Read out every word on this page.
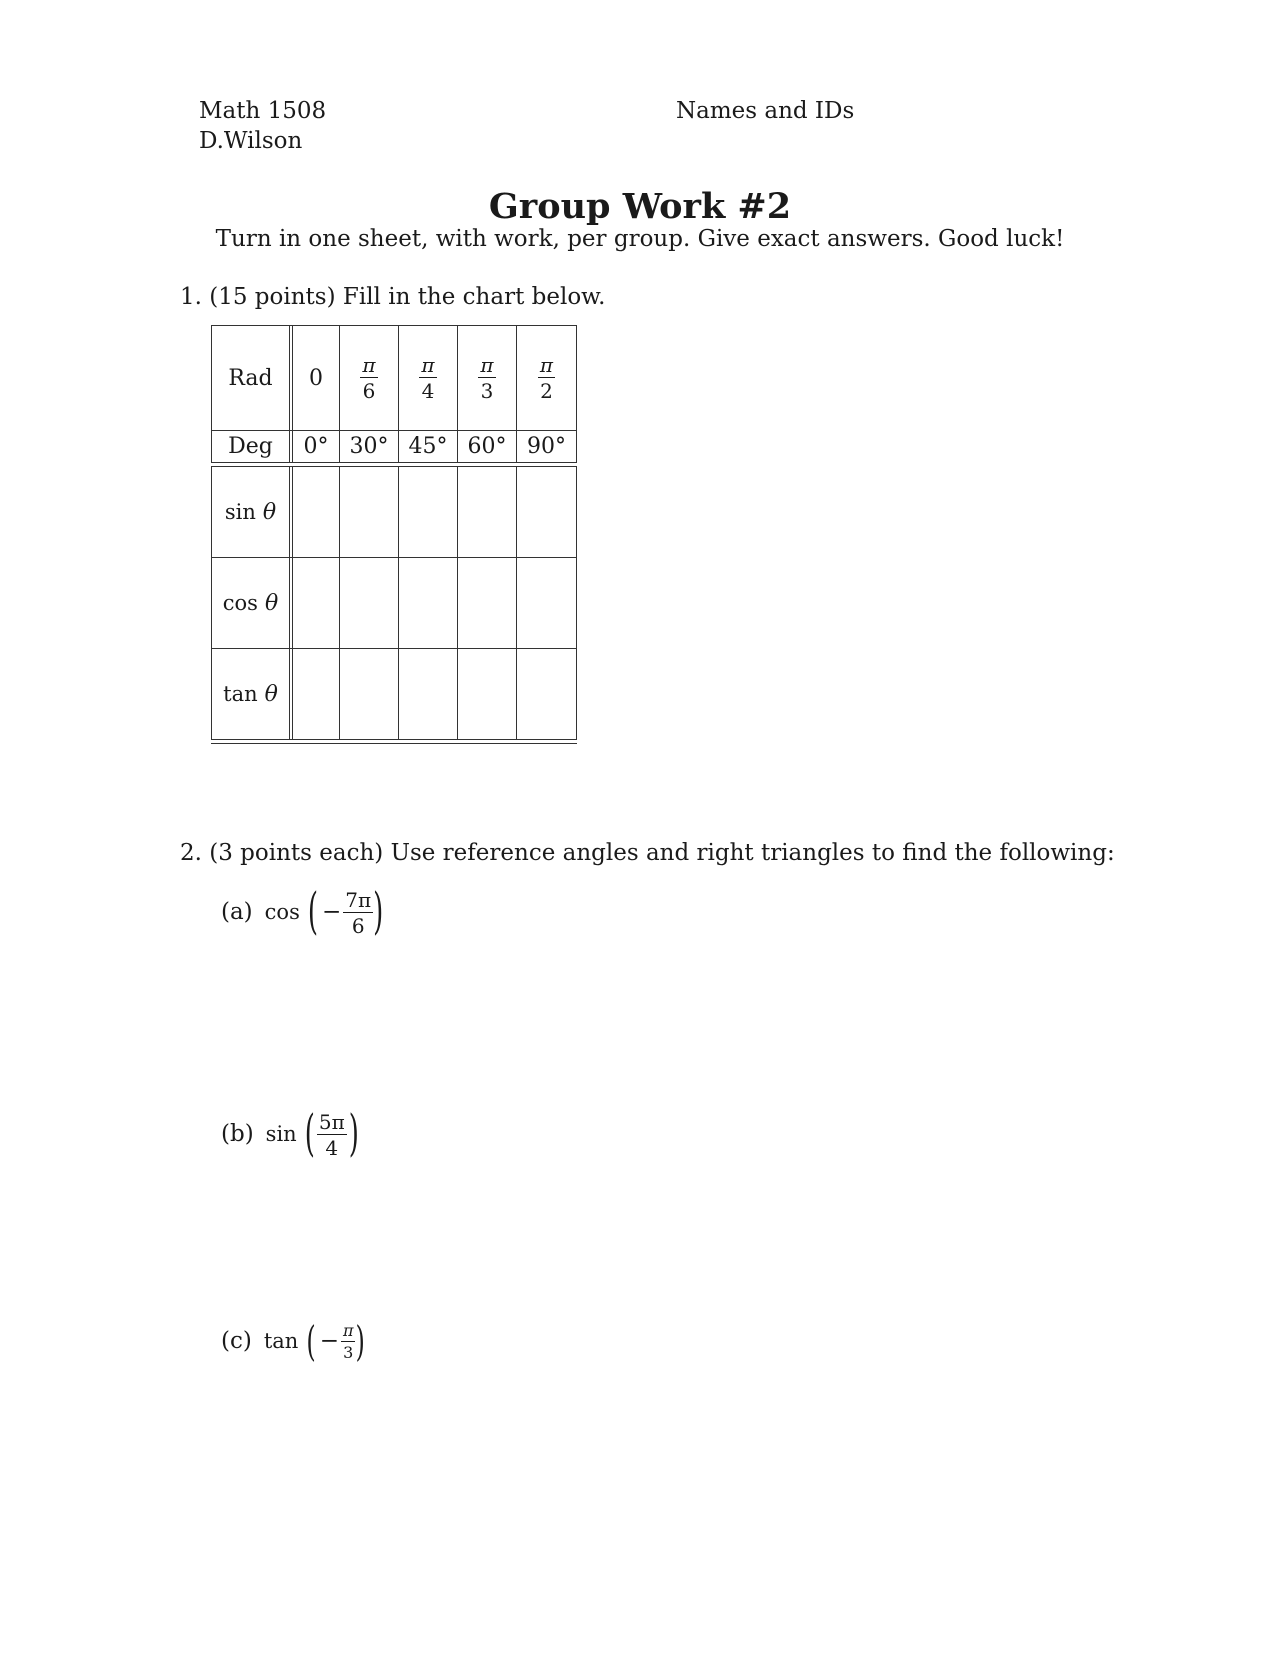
Math 1508
D.Wilson
Names and IDs
Group Work #2
Turn in one sheet, with work, per group. Give exact answers. Good luck!
1. (15 points) Fill in the chart below.
Rad $0 \frac{\pi}{6} \frac{\pi}{4} \frac{\pi}{3} \frac{\pi}{2}$
Deg 0° 30° 45° 60° 90°
sin
θ
cos
θ
tan
θ
2. (3 points each) Use reference angles and right triangles to find the following:
(a) cos ( − $\frac{7\pi}{6}$ )
(b) sin ( $\frac{5\pi}{4}$ )
(c) tan ( − $\frac{\pi}{3}$ )
